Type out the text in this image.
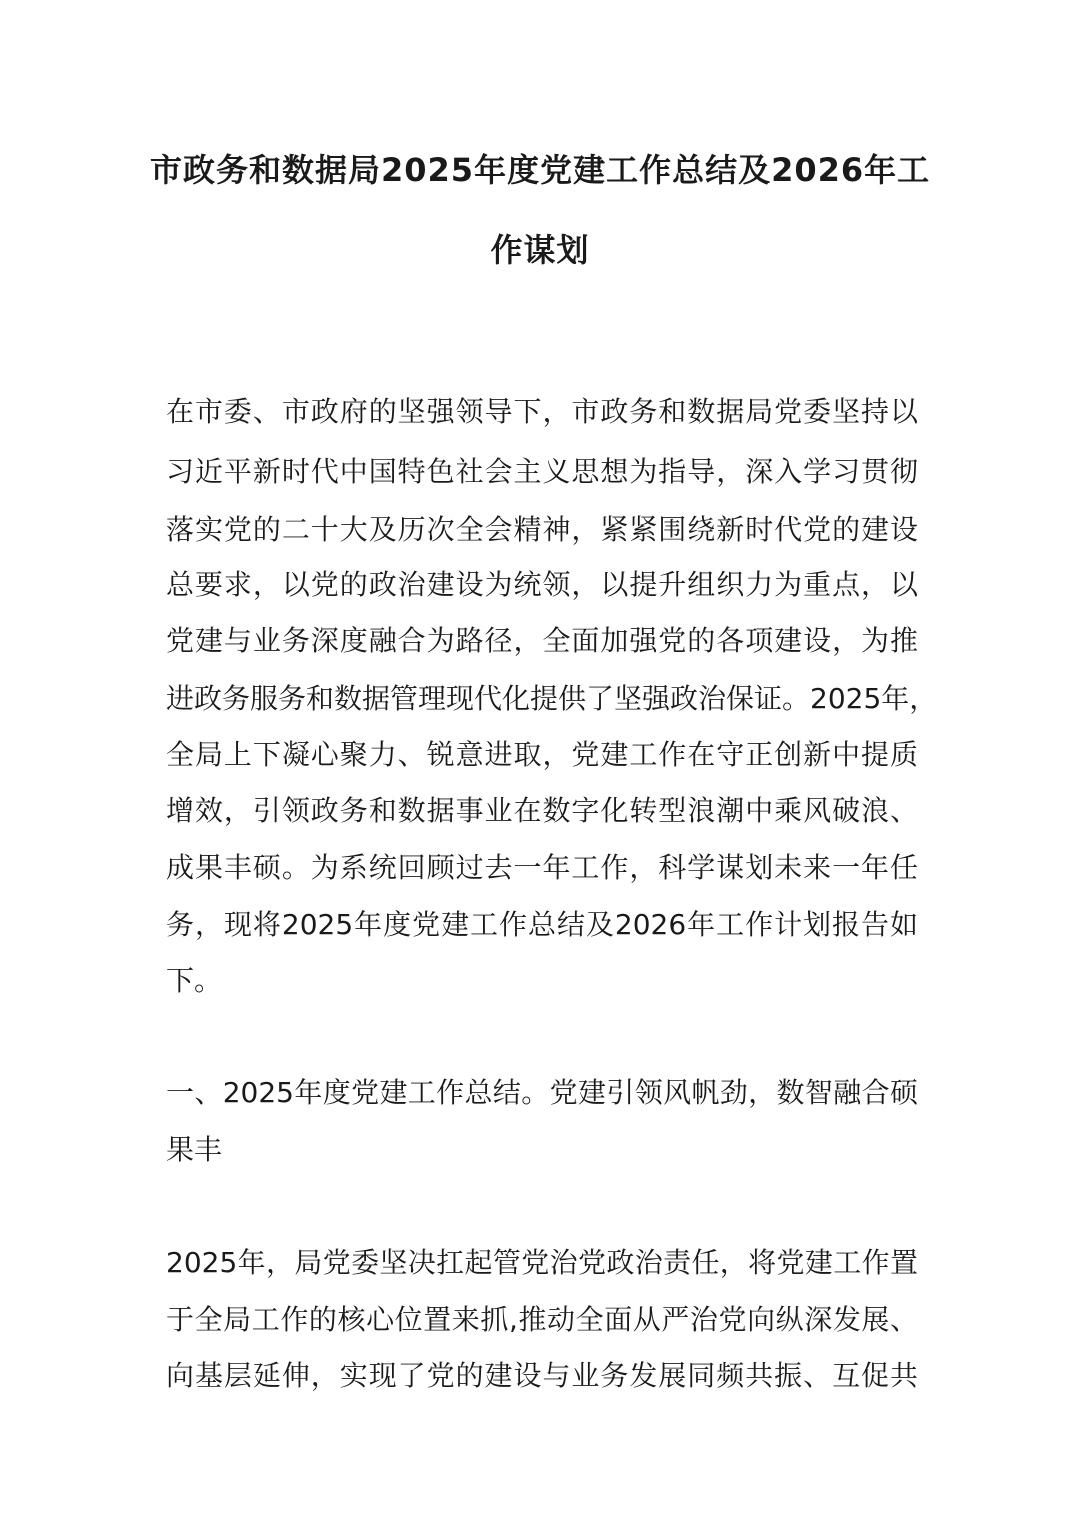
市政务和数据局2025年度党建工作总结及2026年工
作谋划
在市委、市政府的坚强领导下，市政务和数据局党委坚持以
习近平新时代中国特色社会主义思想为指导，深入学习贯彻
落实党的二十大及历次全会精神，紧紧围绕新时代党的建设
总要求，以党的政治建设为统领，以提升组织力为重点，以
党建与业务深度融合为路径，全面加强党的各项建设，为推
进政务服务和数据管理现代化提供了坚强政治保证。2025年，
全局上下凝心聚力、锐意进取，党建工作在守正创新中提质
增效，引领政务和数据事业在数字化转型浪潮中乘风破浪、
成果丰硕。为系统回顾过去一年工作，科学谋划未来一年任
务，现将2025年度党建工作总结及2026年工作计划报告如
下。
一、2025年度党建工作总结。党建引领风帆劲，数智融合硕
果丰
2025年，局党委坚决扛起管党治党政治责任，将党建工作置
于全局工作的核心位置来抓,推动全面从严治党向纵深发展、
向基层延伸，实现了党的建设与业务发展同频共振、互促共
